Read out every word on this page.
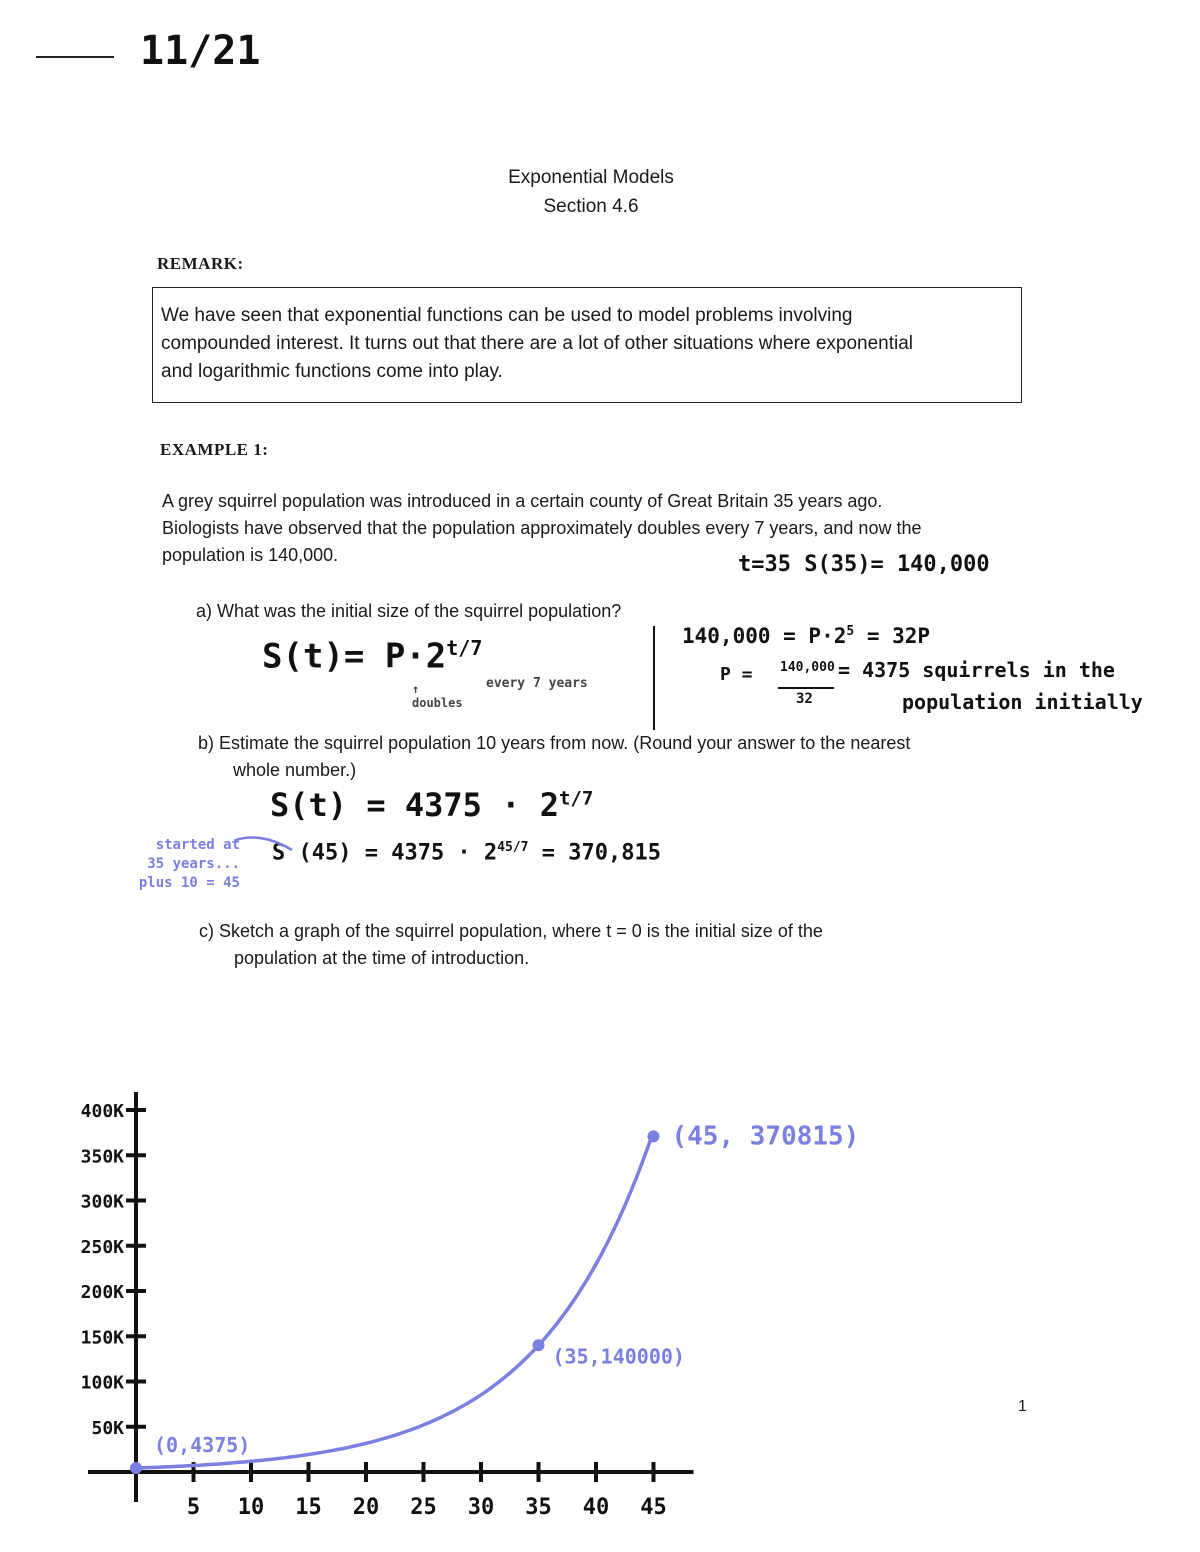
11/21
Exponential Models
Section 4.6
REMARK:
We have seen that exponential functions can be used to model problems involving
compounded interest. It turns out that there are a lot of other situations where exponential
and logarithmic functions come into play.
EXAMPLE 1:
A grey squirrel population was introduced in a certain county of Great Britain 35 years ago.
Biologists have observed that the population approximately doubles every 7 years, and now the
population is 140,000.	t=35 S(35)= 140,000
a) What was the initial size of the squirrel population?
$S(t)= P\cdot 2^{t/7}$
↑
doubles
every 7 years
$140,000 = P\cdot 2^5 = 32P$
P = 140,000
32
= 4375 squirrels in the
population initially
b) Estimate the squirrel population 10 years from now. (Round your answer to the nearest
whole number.)
$S(t) = 4375 \cdot 2^{t/7}$
S $(45) = 4375 \cdot 2^{45/7} = 370,815$
started at
35 years...
plus 10 = 45
c) Sketch a graph of the squirrel population, where t = 0 is the initial size of the
population at the time of introduction.
5 10 15 20 25 30 35 40 45
50K
100K
150K
200K
250K
300K
350K
400K
(0,4375)
(35,140000)
(45, 370815)
1
